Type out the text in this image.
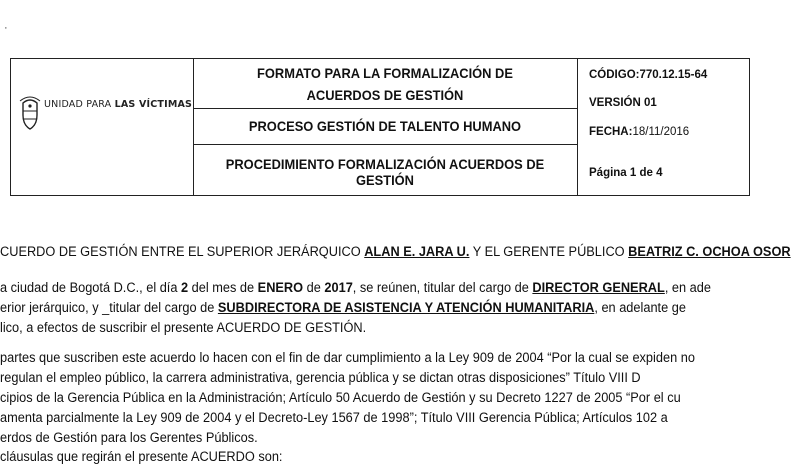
·
UNIDAD PARA LAS VÍCTIMAS
FORMATO PARA LA FORMALIZACIÓN DE
ACUERDOS DE GESTIÓN
PROCESO GESTIÓN DE TALENTO HUMANO
PROCEDIMIENTO FORMALIZACIÓN ACUERDOS DE GESTIÓN
CÓDIGO:770.12.15-64
VERSIÓN 01
FECHA:18/11/2016
Página 1 de 4
CUERDO DE GESTIÓN ENTRE EL SUPERIOR JERÁRQUICO ALAN E. JARA U. Y EL GERENTE PÚBLICO BEATRIZ C. OCHOA OSOR
a ciudad de Bogotá D.C., el día 2 del mes de ENERO de 2017, se reúnen, titular del cargo de DIRECTOR GENERAL, en ade
erior jerárquico, y _titular del cargo de SUBDIRECTORA DE ASISTENCIA Y ATENCIÓN HUMANITARIA, en adelante ge
lico, a efectos de suscribir el presente ACUERDO DE GESTIÓN.
partes que suscriben este acuerdo lo hacen con el fin de dar cumplimiento a la Ley 909 de 2004 “Por la cual se expiden no
regulan el empleo público, la carrera administrativa, gerencia pública y se dictan otras disposiciones” Título VIII D
cipios de la Gerencia Pública en la Administración; Artículo 50 Acuerdo de Gestión y su Decreto 1227 de 2005 “Por el cu
amenta parcialmente la Ley 909 de 2004 y el Decreto-Ley 1567 de 1998”; Título VIII Gerencia Pública; Artículos 102 a
erdos de Gestión para los Gerentes Públicos.
cláusulas que regirán el presente ACUERDO son:
